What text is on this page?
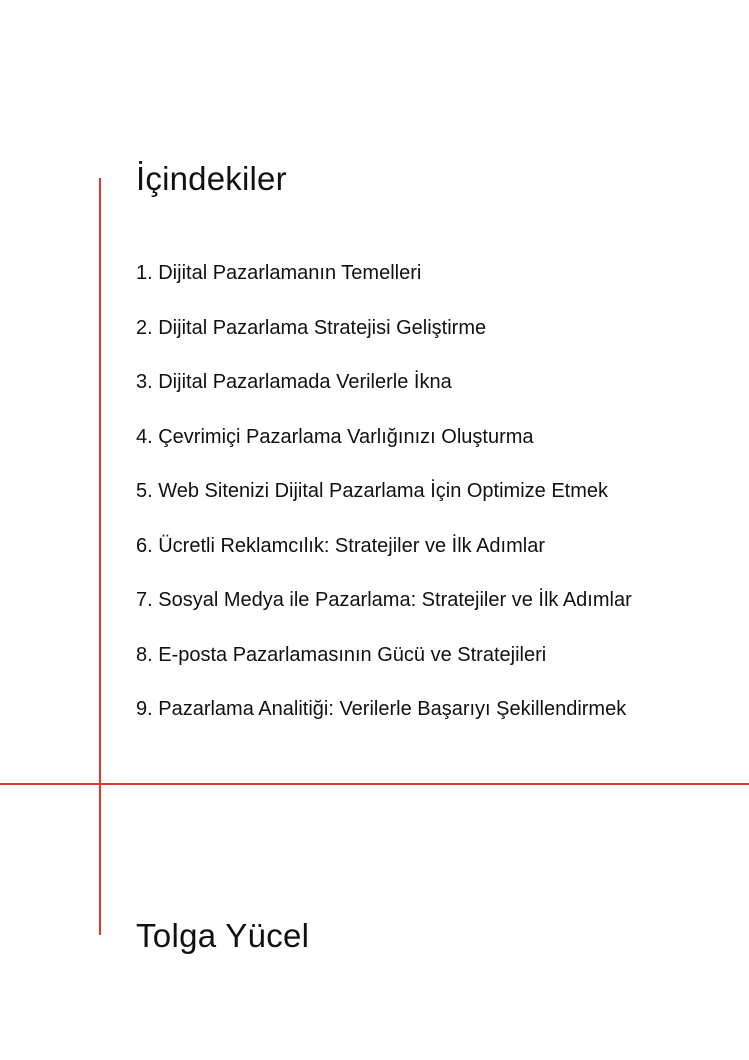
İçindekiler
1. Dijital Pazarlamanın Temelleri
2. Dijital Pazarlama Stratejisi Geliştirme
3. Dijital Pazarlamada Verilerle İkna
4. Çevrimiçi Pazarlama Varlığınızı Oluşturma
5. Web Sitenizi Dijital Pazarlama İçin Optimize Etmek
6. Ücretli Reklamcılık: Stratejiler ve İlk Adımlar
7. Sosyal Medya ile Pazarlama: Stratejiler ve İlk Adımlar
8. E-posta Pazarlamasının Gücü ve Stratejileri
9. Pazarlama Analitiği: Verilerle Başarıyı Şekillendirmek
Tolga Yücel
